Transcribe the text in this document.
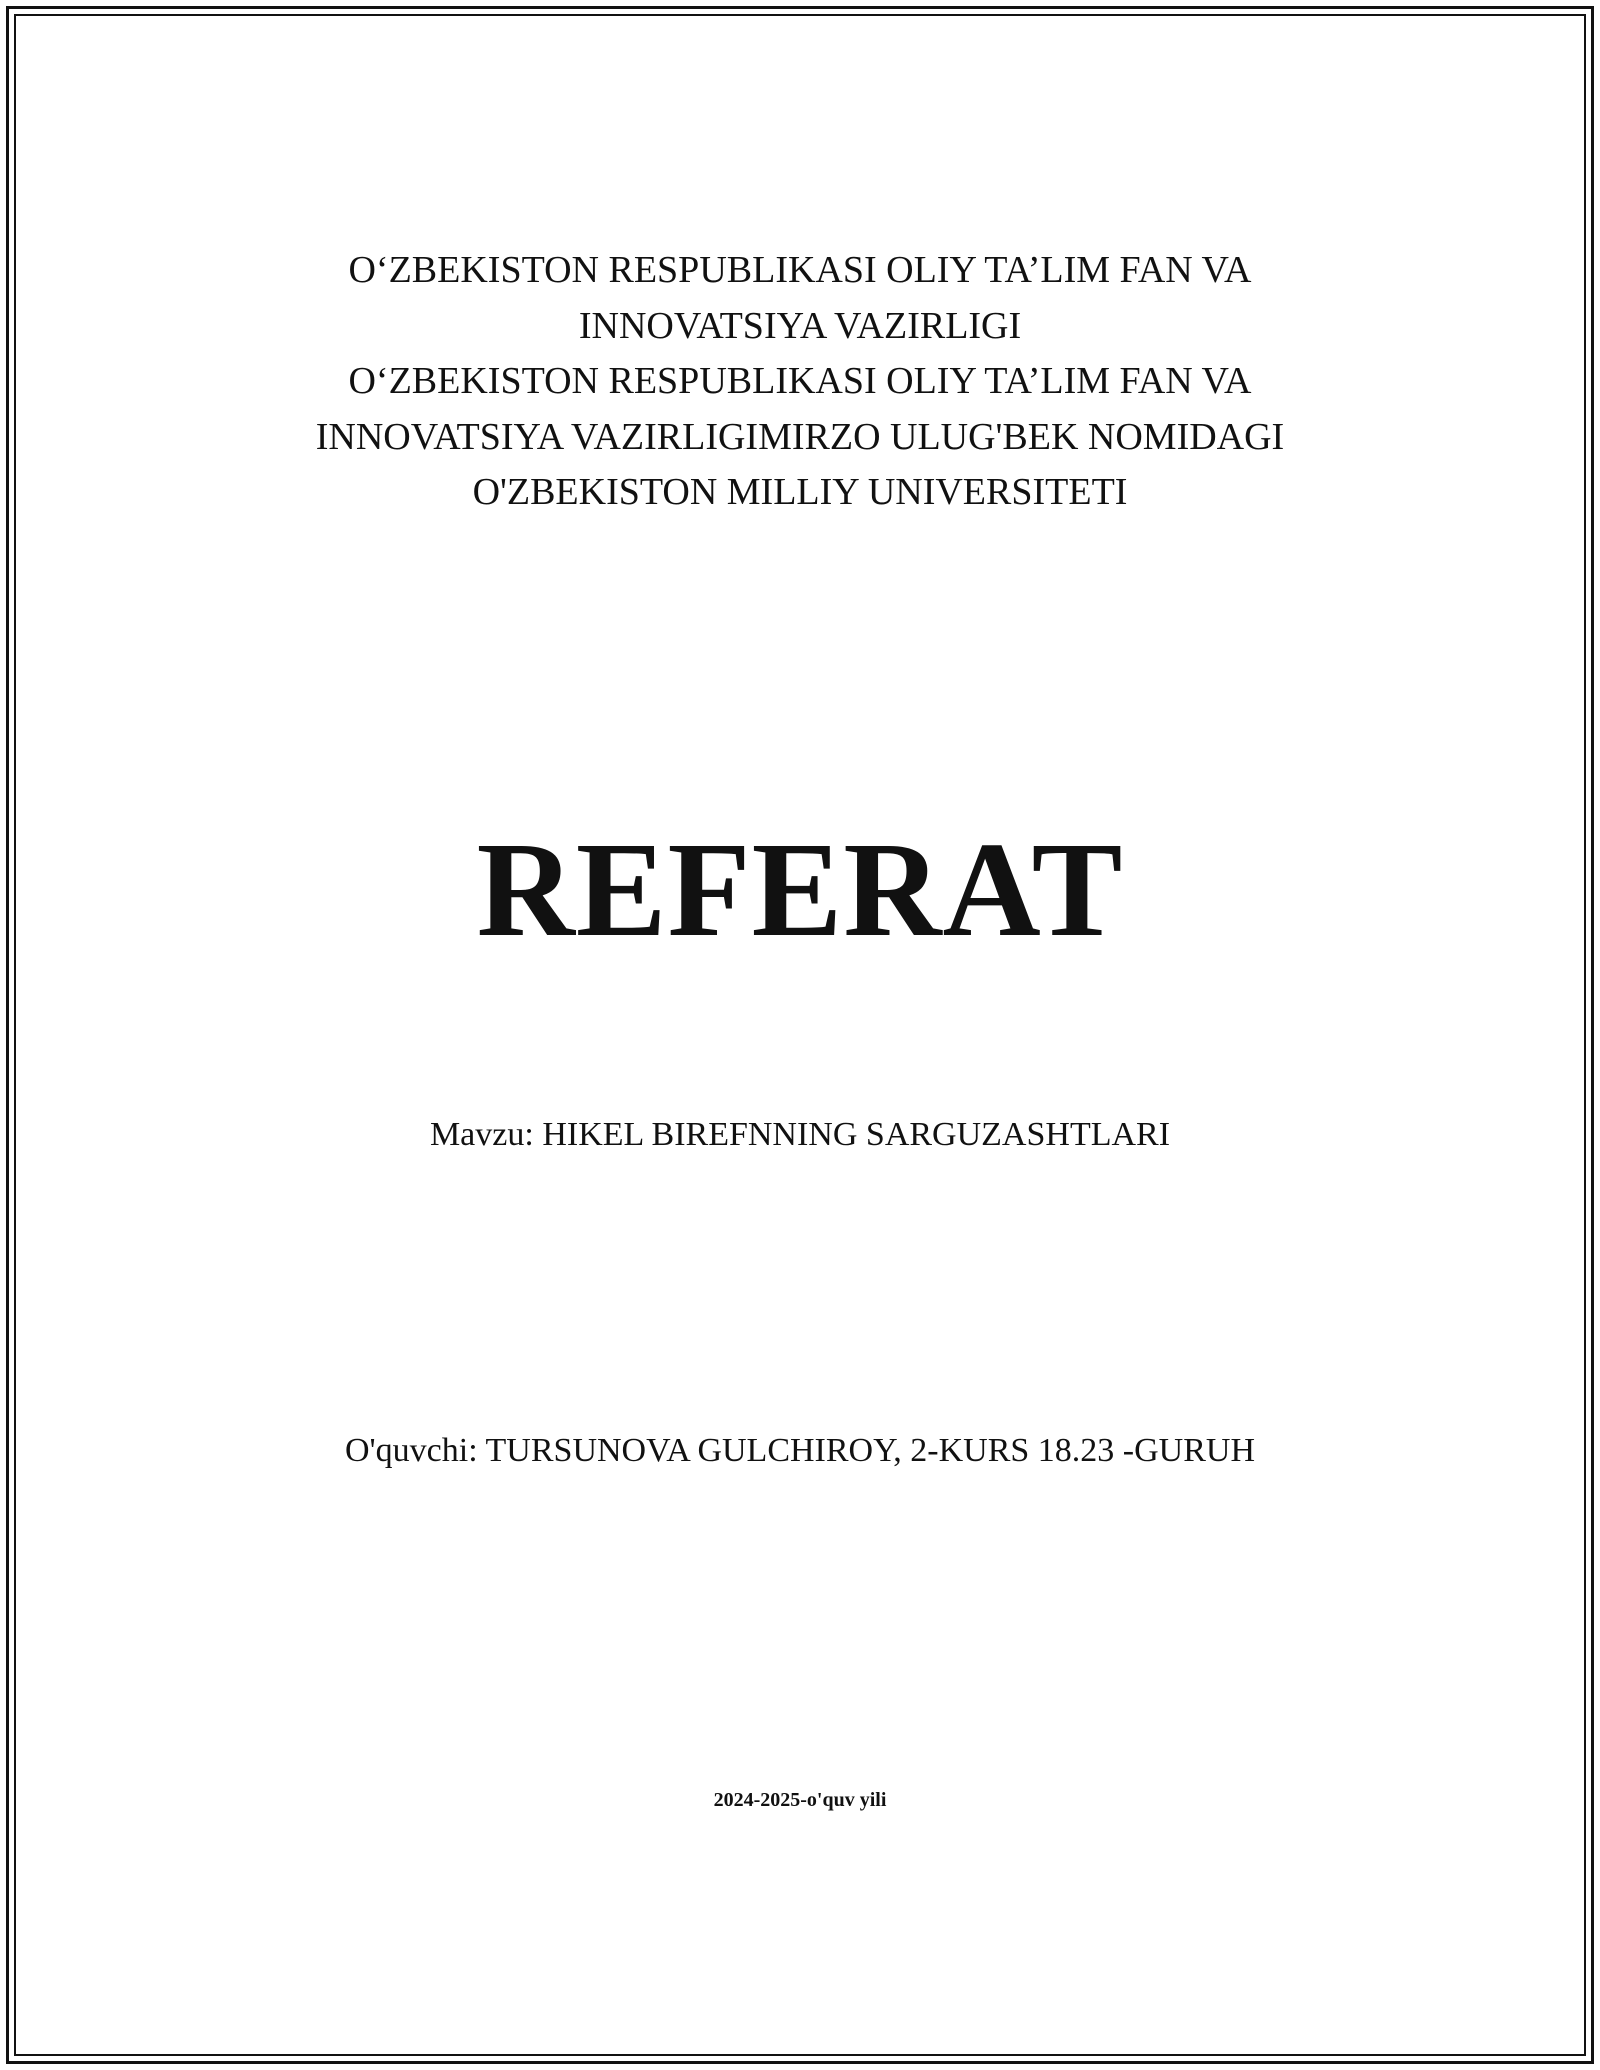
O‘ZBEKISTON RESPUBLIKASI OLIY TA’LIM FAN VA
INNOVATSIYA VAZIRLIGI
O‘ZBEKISTON RESPUBLIKASI OLIY TA’LIM FAN VA
INNOVATSIYA VAZIRLIGIMIRZO ULUG'BEK NOMIDAGI
O'ZBEKISTON MILLIY UNIVERSITETI
REFERAT
Mavzu: HIKEL BIREFNNING SARGUZASHTLARI
O'quvchi: TURSUNOVA GULCHIROY, 2-KURS 18.23 -GURUH
2024-2025-o'quv yili
